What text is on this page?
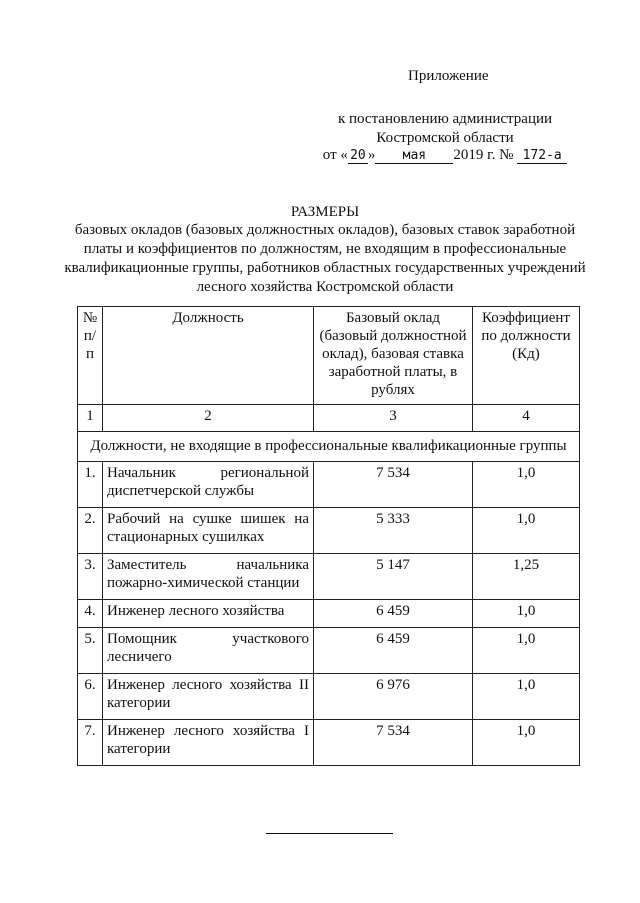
Приложение
к постановлению администрации
Костромской области
от « 20 » мая 2019 г. № 172-а
РАЗМЕРЫ
базовых окладов (базовых должностных окладов), базовых ставок заработной платы и коэффициентов по должностям, не входящим в профессиональные квалификационные группы, работников областных государственных учреждений лесного хозяйства Костромской области
№ п/п	Должность	Базовый оклад (базовый должностной оклад), базовая ставка заработной платы, в рублях	Коэффициент по должности (Кд)
1	2	3	4
Должности, не входящие в профессиональные квалификационные группы			
1.	Начальник региональной диспетчерской службы	7 534	1,0
2.	Рабочий на сушке шишек на стационарных сушилках	5 333	1,0
3.	Заместитель начальника пожарно-химической станции	5 147	1,25
4.	Инженер лесного хозяйства	6 459	1,0
5.	Помощник участкового лесничего	6 459	1,0
6.	Инженер лесного хозяйства II категории	6 976	1,0
7.	Инженер лесного хозяйства I категории	7 534	1,0
